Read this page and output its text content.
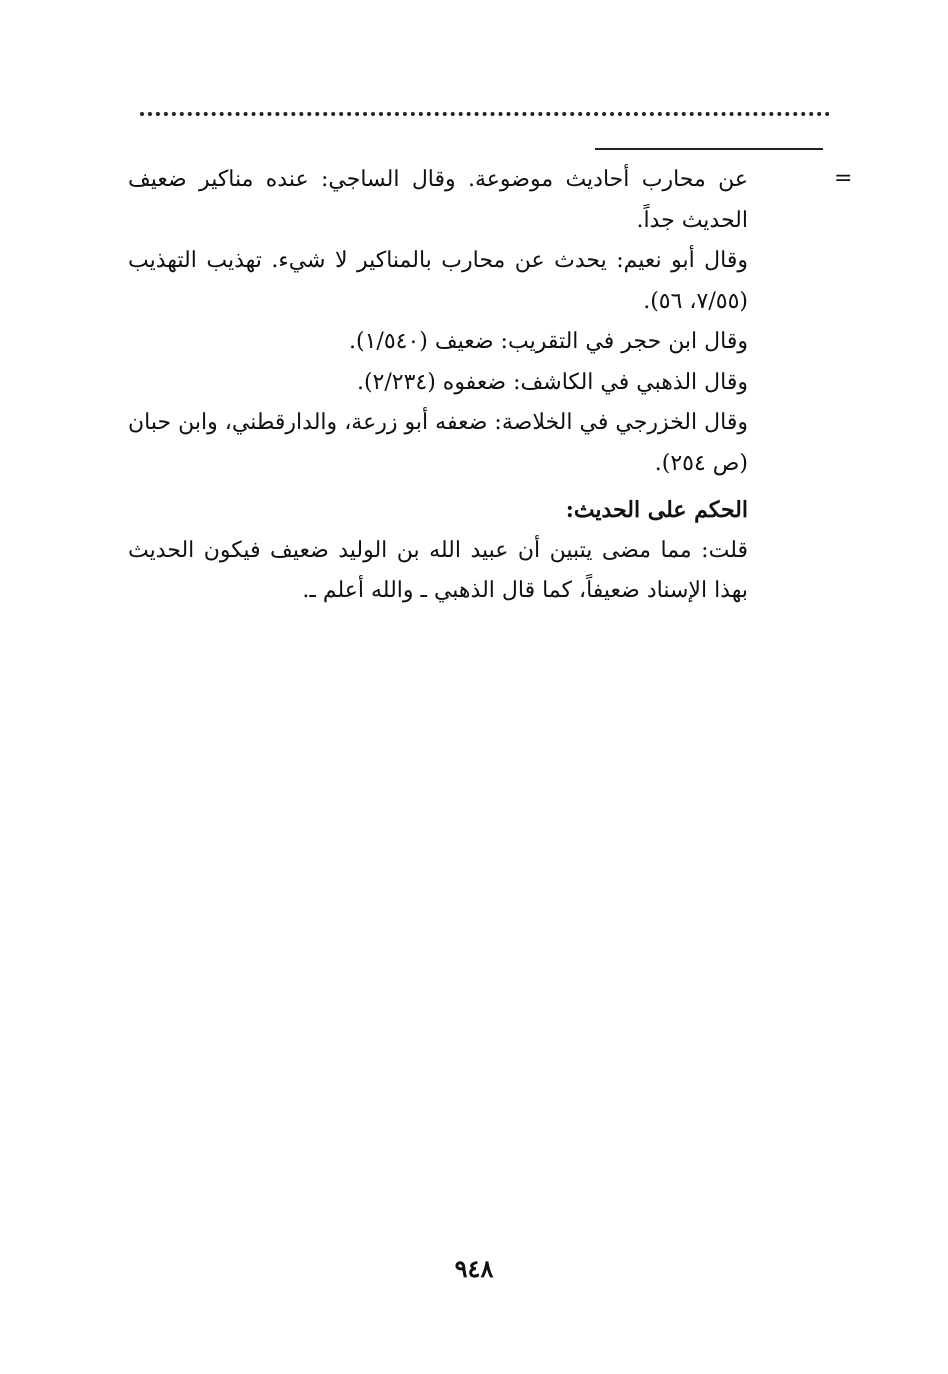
=

عن محارب أحاديث موضوعة. وقال الساجي: عنده مناكير ضعيف الحديث جداً.

وقال أبو نعيم: يحدث عن محارب بالمناكير لا شيء. تهذيب التهذيب (٧/٥٥، ٥٦).

وقال ابن حجر في التقريب: ضعيف (١/٥٤٠).

وقال الذهبي في الكاشف: ضعفوه (٢/٢٣٤).

وقال الخزرجي في الخلاصة: ضعفه أبو زرعة، والدارقطني، وابن حبان (ص ٢٥٤).

الحكم على الحديث:

قلت: مما مضى يتبين أن عبيد الله بن الوليد ضعيف فيكون الحديث بهذا الإسناد ضعيفاً، كما قال الذهبي ـ والله أعلم ـ.

٩٤٨
